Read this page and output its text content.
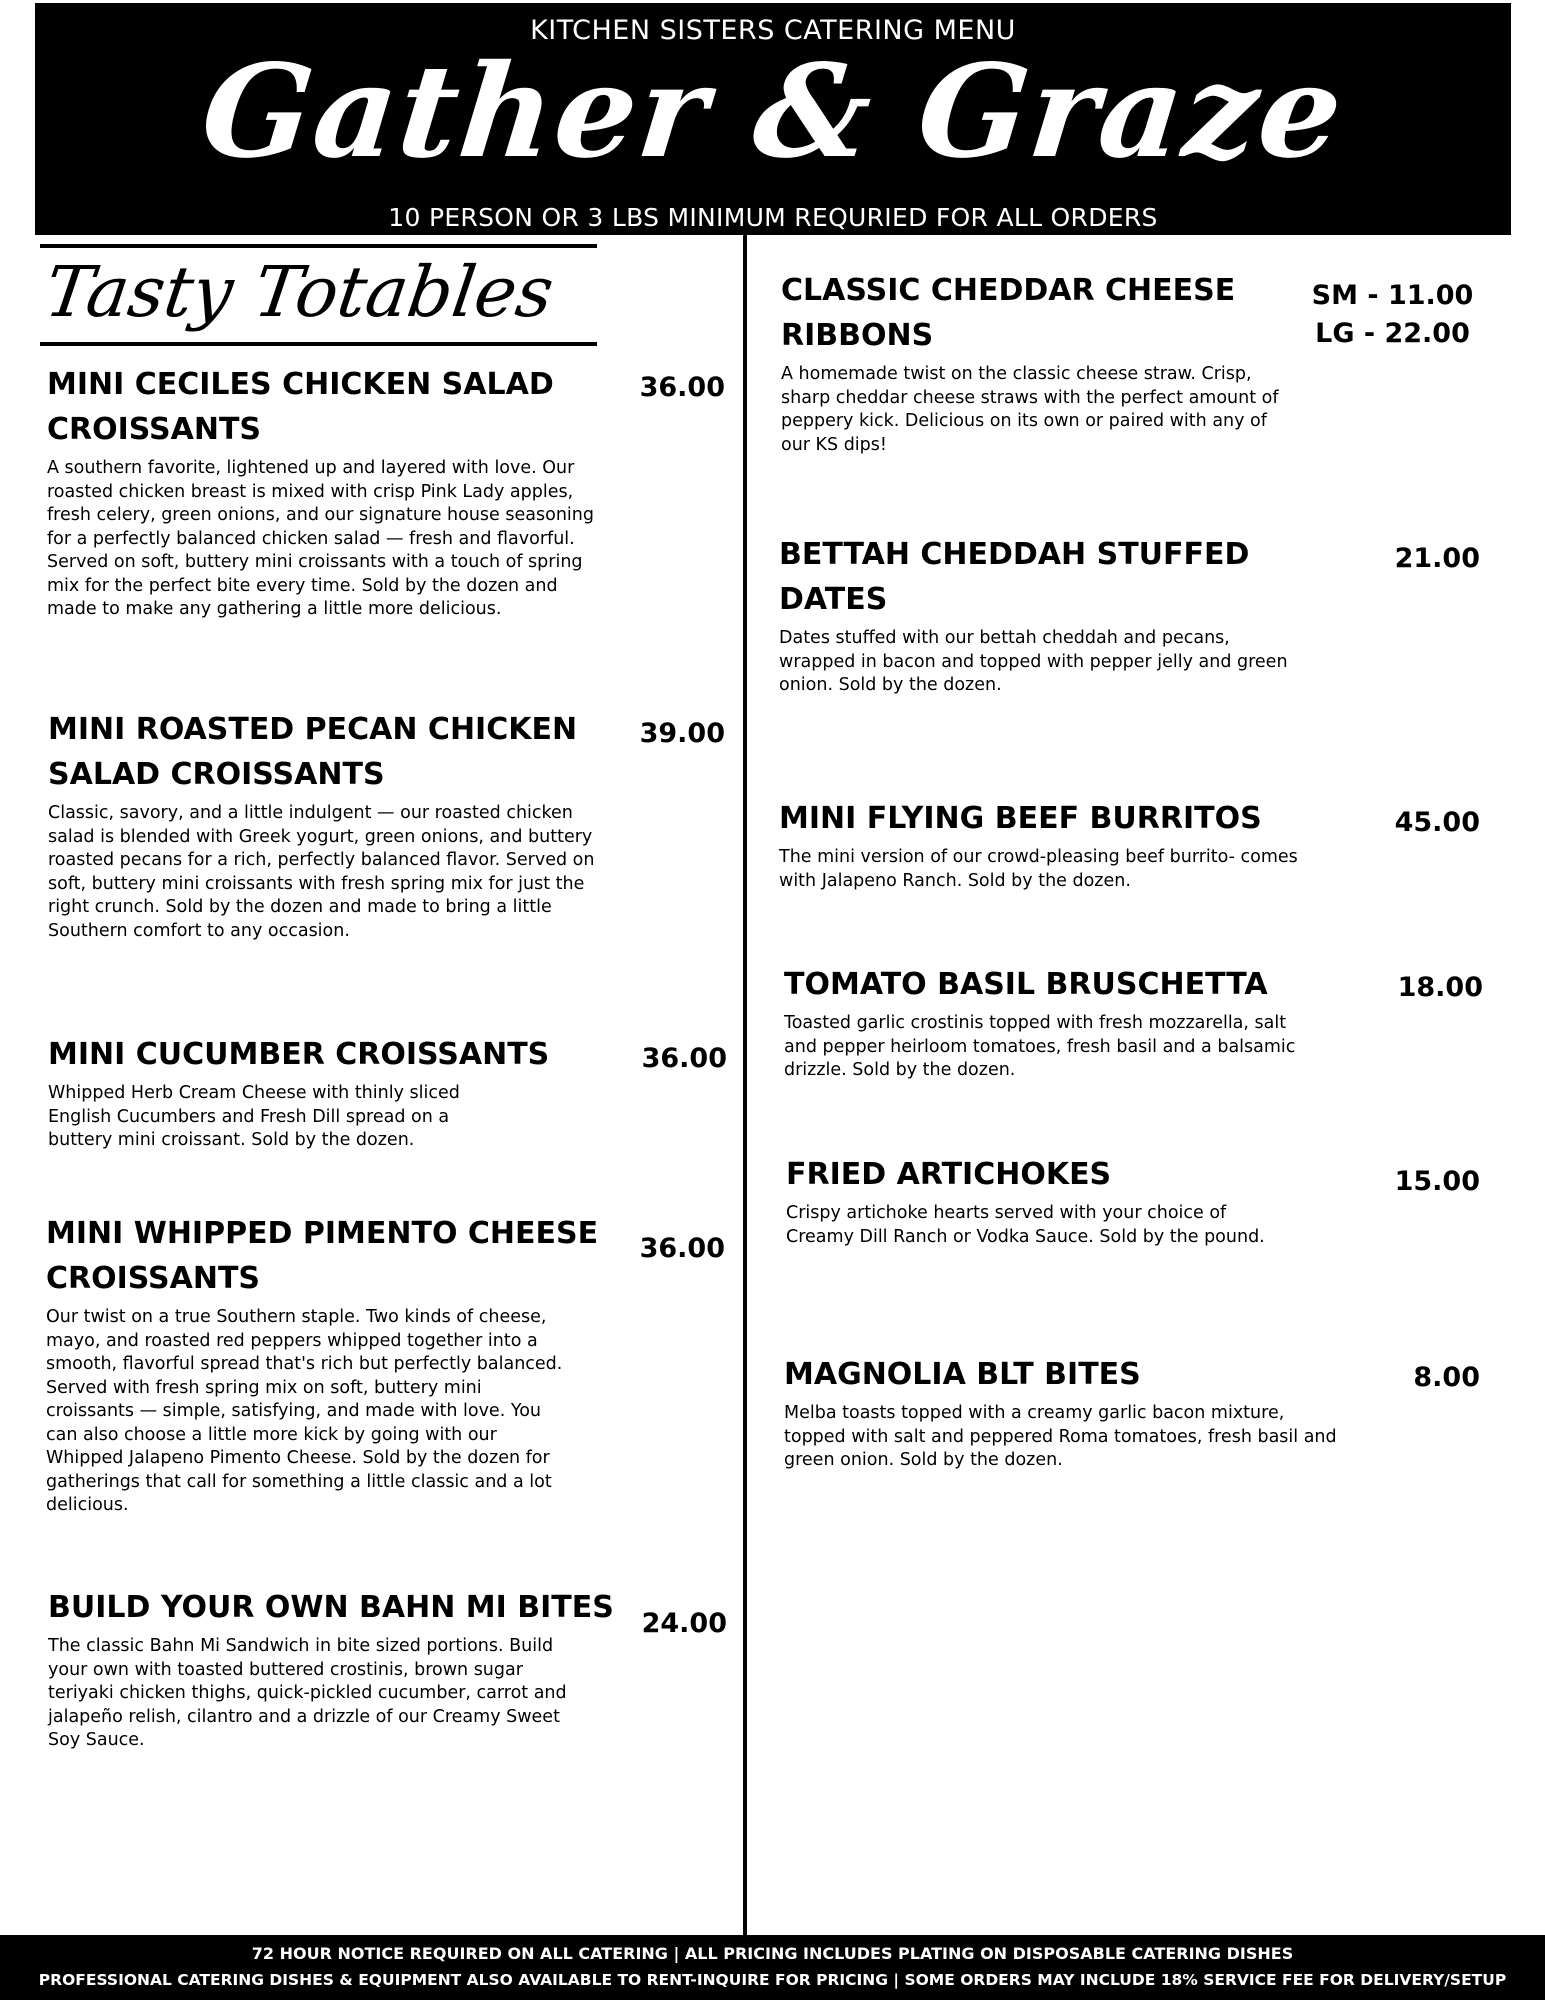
KITCHEN SISTERS CATERING MENU
Gather & Graze
10 PERSON OR 3 LBS MINIMUM REQURIED FOR ALL ORDERS
Tasty Totables
MINI CECILES CHICKEN SALAD CROISSANTS
A southern favorite, lightened up and layered with love. Our roasted chicken breast is mixed with crisp Pink Lady apples, fresh celery, green onions, and our signature house seasoning for a perfectly balanced chicken salad — fresh and flavorful. Served on soft, buttery mini croissants with a touch of spring mix for the perfect bite every time. Sold by the dozen and made to make any gathering a little more delicious.
36.00
MINI ROASTED PECAN CHICKEN SALAD CROISSANTS
Classic, savory, and a little indulgent — our roasted chicken salad is blended with Greek yogurt, green onions, and buttery roasted pecans for a rich, perfectly balanced flavor. Served on soft, buttery mini croissants with fresh spring mix for just the right crunch. Sold by the dozen and made to bring a little Southern comfort to any occasion.
39.00
MINI CUCUMBER CROISSANTS
Whipped Herb Cream Cheese with thinly sliced English Cucumbers and Fresh Dill spread on a buttery mini croissant. Sold by the dozen.
36.00
MINI WHIPPED PIMENTO CHEESE CROISSANTS
Our twist on a true Southern staple. Two kinds of cheese, mayo, and roasted red peppers whipped together into a smooth, flavorful spread that's rich but perfectly balanced. Served with fresh spring mix on soft, buttery mini croissants — simple, satisfying, and made with love. You can also choose a little more kick by going with our Whipped Jalapeno Pimento Cheese. Sold by the dozen for gatherings that call for something a little classic and a lot delicious.
36.00
BUILD YOUR OWN BAHN MI BITES
The classic Bahn Mi Sandwich in bite sized portions. Build your own with toasted buttered crostinis, brown sugar teriyaki chicken thighs, quick-pickled cucumber, carrot and jalapeño relish, cilantro and a drizzle of our Creamy Sweet Soy Sauce.
24.00
CLASSIC CHEDDAR CHEESE RIBBONS
A homemade twist on the classic cheese straw. Crisp, sharp cheddar cheese straws with the perfect amount of peppery kick. Delicious on its own or paired with any of our KS dips!
SM - 11.00
LG - 22.00
BETTAH CHEDDAH STUFFED DATES
Dates stuffed with our bettah cheddah and pecans, wrapped in bacon and topped with pepper jelly and green onion. Sold by the dozen.
21.00
MINI FLYING BEEF BURRITOS
The mini version of our crowd-pleasing beef burrito- comes with Jalapeno Ranch. Sold by the dozen.
45.00
TOMATO BASIL BRUSCHETTA
Toasted garlic crostinis topped with fresh mozzarella, salt and pepper heirloom tomatoes, fresh basil and a balsamic drizzle. Sold by the dozen.
18.00
FRIED ARTICHOKES
Crispy artichoke hearts served with your choice of Creamy Dill Ranch or Vodka Sauce. Sold by the pound.
15.00
MAGNOLIA BLT BITES
Melba toasts topped with a creamy garlic bacon mixture, topped with salt and peppered Roma tomatoes, fresh basil and green onion. Sold by the dozen.
8.00
72 HOUR NOTICE REQUIRED ON ALL CATERING | ALL PRICING INCLUDES PLATING ON DISPOSABLE CATERING DISHES
PROFESSIONAL CATERING DISHES & EQUIPMENT ALSO AVAILABLE TO RENT-INQUIRE FOR PRICING | SOME ORDERS MAY INCLUDE 18% SERVICE FEE FOR DELIVERY/SETUP
